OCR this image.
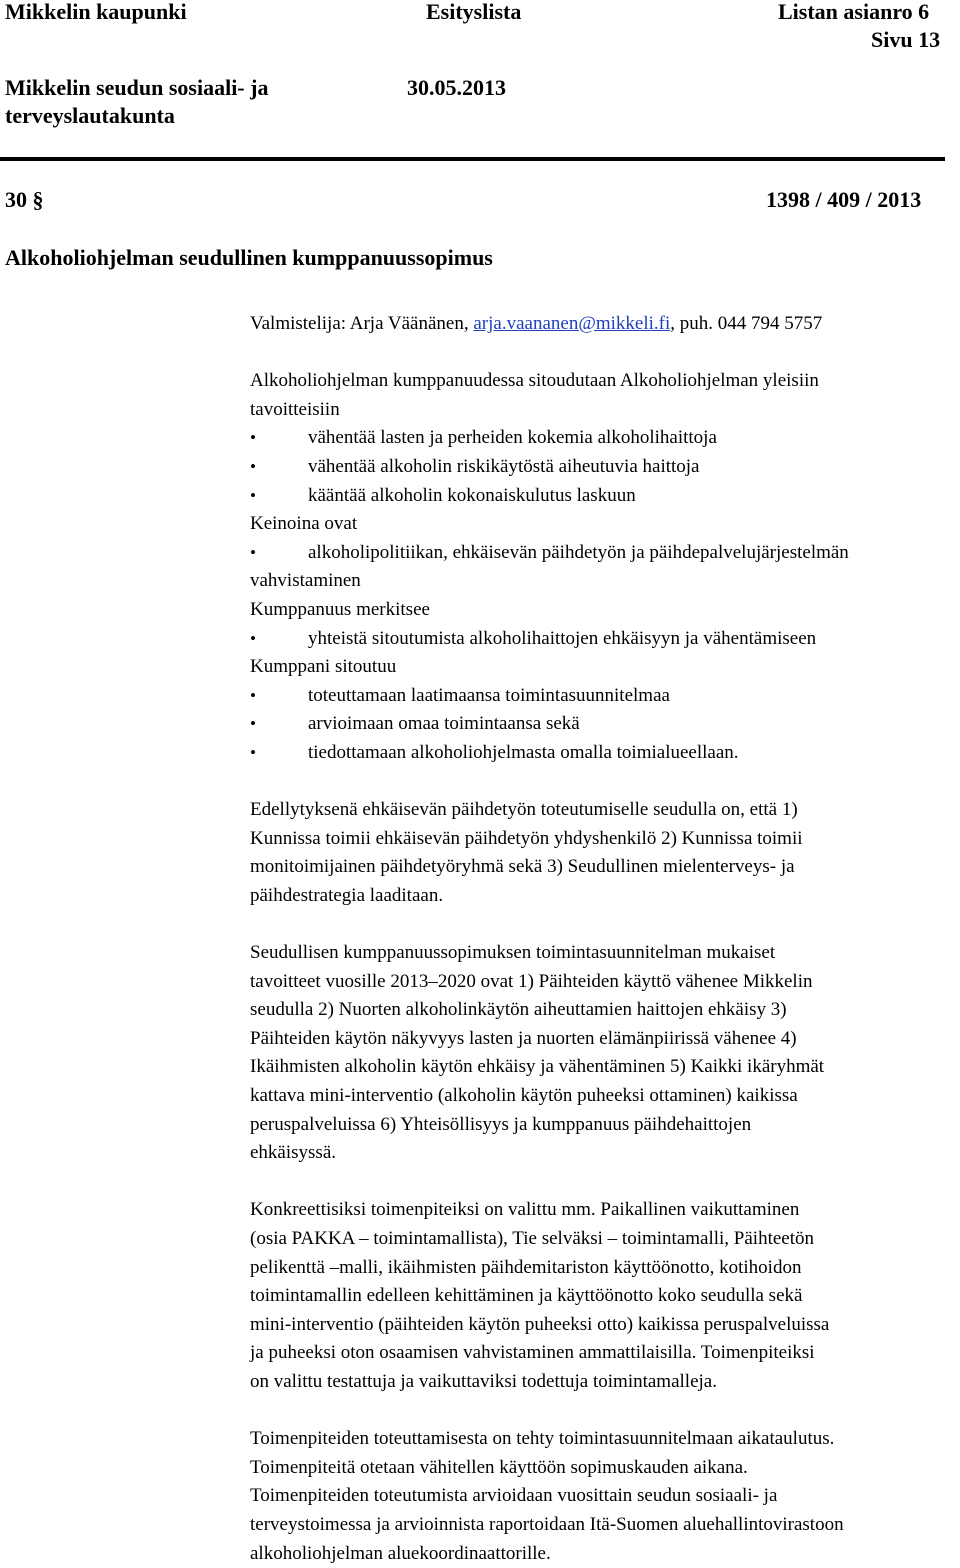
Mikkelin kaupunki	Esityslista	Listan asianro 6
Sivu 13
Mikkelin seudun sosiaali- ja
terveyslautakunta
30.05.2013
30 §	1398 / 409 / 2013
Alkoholiohjelman seudullinen kumppanuussopimus
Valmistelija: Arja Väänänen, arja.vaananen@mikkeli.fi, puh. 044 794 5757
Alkoholiohjelman kumppanuudessa sitoudutaan Alkoholiohjelman yleisiin
tavoitteisiin
•	vähentää lasten ja perheiden kokemia alkoholihaittoja
•	vähentää alkoholin riskikäytöstä aiheutuvia haittoja
•	kääntää alkoholin kokonaiskulutus laskuun
Keinoina ovat
•	alkoholipolitiikan, ehkäisevän päihdetyön ja päihdepalvelujärjestelmän
vahvistaminen
Kumppanuus merkitsee
•	yhteistä sitoutumista alkoholihaittojen ehkäisyyn ja vähentämiseen
Kumppani sitoutuu
•	toteuttamaan laatimaansa toimintasuunnitelmaa
•	arvioimaan omaa toimintaansa sekä
•	tiedottamaan alkoholiohjelmasta omalla toimialueellaan.

Edellytyksenä ehkäisevän päihdetyön toteutumiselle seudulla on, että 1)
Kunnissa toimii ehkäisevän päihdetyön yhdyshenkilö 2) Kunnissa toimii
monitoimijainen päihdetyöryhmä sekä 3) Seudullinen mielenterveys- ja
päihdestrategia laaditaan.

Seudullisen kumppanuussopimuksen toimintasuunnitelman mukaiset
tavoitteet vuosille 2013–2020 ovat 1) Päihteiden käyttö vähenee Mikkelin
seudulla 2) Nuorten alkoholinkäytön aiheuttamien haittojen ehkäisy 3)
Päihteiden käytön näkyvyys lasten ja nuorten elämänpiirissä vähenee 4)
Ikäihmisten alkoholin käytön ehkäisy ja vähentäminen 5) Kaikki ikäryhmät
kattava mini-interventio (alkoholin käytön puheeksi ottaminen) kaikissa
peruspalveluissa 6) Yhteisöllisyys ja kumppanuus päihdehaittojen
ehkäisyssä.

Konkreettisiksi toimenpiteiksi on valittu mm. Paikallinen vaikuttaminen
(osia PAKKA – toimintamallista), Tie selväksi – toimintamalli, Päihteetön
pelikenttä –malli, ikäihmisten päihdemitariston käyttöönotto, kotihoidon
toimintamallin edelleen kehittäminen ja käyttöönotto koko seudulla sekä
mini-interventio (päihteiden käytön puheeksi otto) kaikissa peruspalveluissa
ja puheeksi oton osaamisen vahvistaminen ammattilaisilla. Toimenpiteiksi
on valittu testattuja ja vaikuttaviksi todettuja toimintamalleja.

Toimenpiteiden toteuttamisesta on tehty toimintasuunnitelmaan aikataulutus.
Toimenpiteitä otetaan vähitellen käyttöön sopimuskauden aikana.
Toimenpiteiden toteutumista arvioidaan vuosittain seudun sosiaali- ja
terveystoimessa ja arvioinnista raportoidaan Itä-Suomen aluehallintovirastoon
alkoholiohjelman aluekoordinaattorille.
